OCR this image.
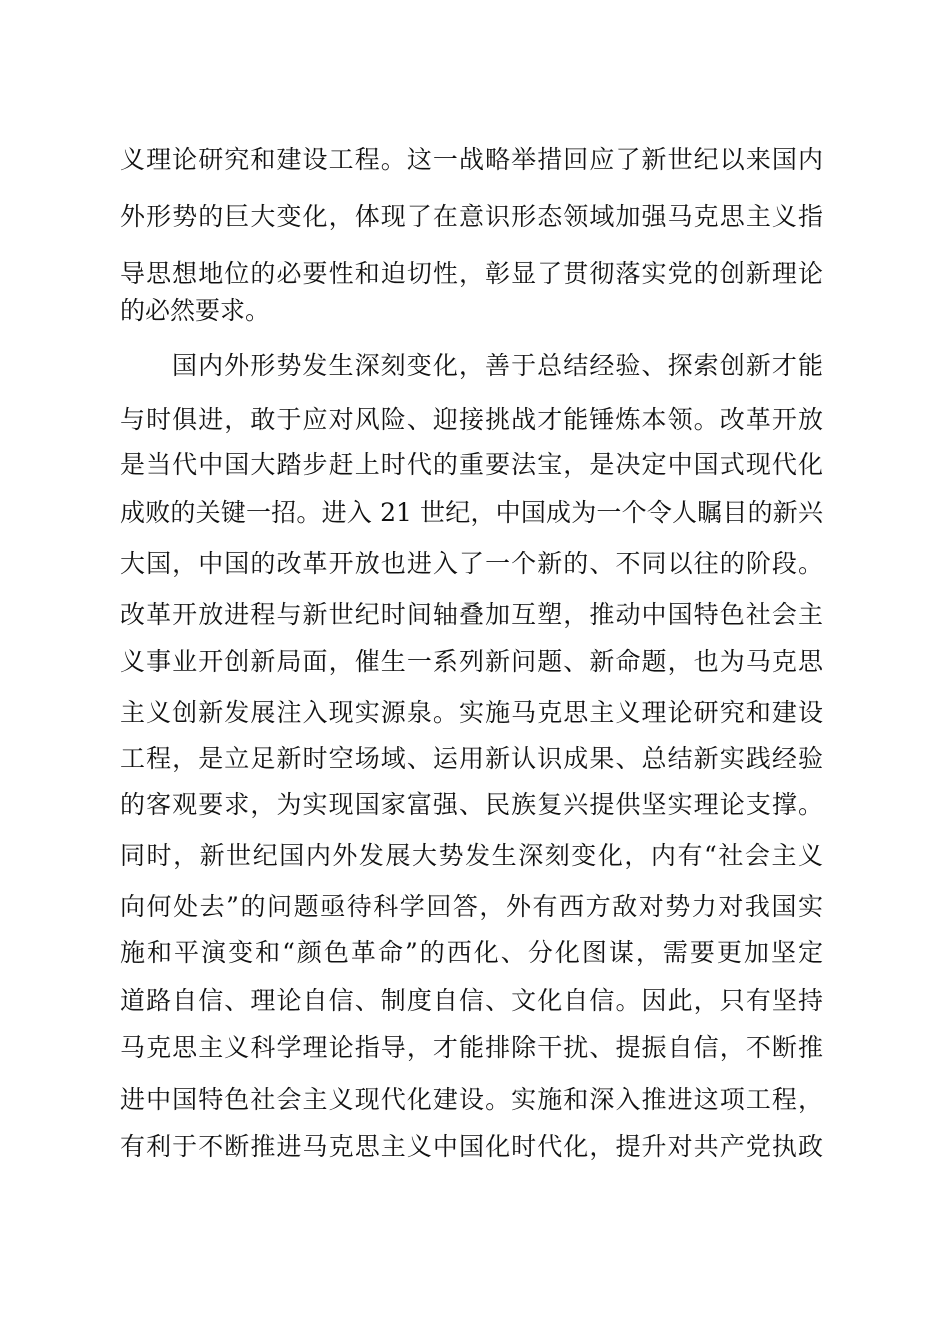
义理论研究和建设工程。这一战略举措回应了新世纪以来国内
外形势的巨大变化，体现了在意识形态领域加强马克思主义指
导思想地位的必要性和迫切性，彰显了贯彻落实党的创新理论
的必然要求。
国内外形势发生深刻变化，善于总结经验、探索创新才能
与时俱进，敢于应对风险、迎接挑战才能锤炼本领。改革开放
是当代中国大踏步赶上时代的重要法宝，是决定中国式现代化
成败的关键一招。进入 21 世纪，中国成为一个令人瞩目的新兴
大国，中国的改革开放也进入了一个新的、不同以往的阶段。
改革开放进程与新世纪时间轴叠加互塑，推动中国特色社会主
义事业开创新局面，催生一系列新问题、新命题，也为马克思
主义创新发展注入现实源泉。实施马克思主义理论研究和建设
工程，是立足新时空场域、运用新认识成果、总结新实践经验
的客观要求，为实现国家富强、民族复兴提供坚实理论支撑。
同时，新世纪国内外发展大势发生深刻变化，内有“社会主义
向何处去”的问题亟待科学回答，外有西方敌对势力对我国实
施和平演变和“颜色革命”的西化、分化图谋，需要更加坚定
道路自信、理论自信、制度自信、文化自信。因此，只有坚持
马克思主义科学理论指导，才能排除干扰、提振自信，不断推
进中国特色社会主义现代化建设。实施和深入推进这项工程，
有利于不断推进马克思主义中国化时代化，提升对共产党执政
